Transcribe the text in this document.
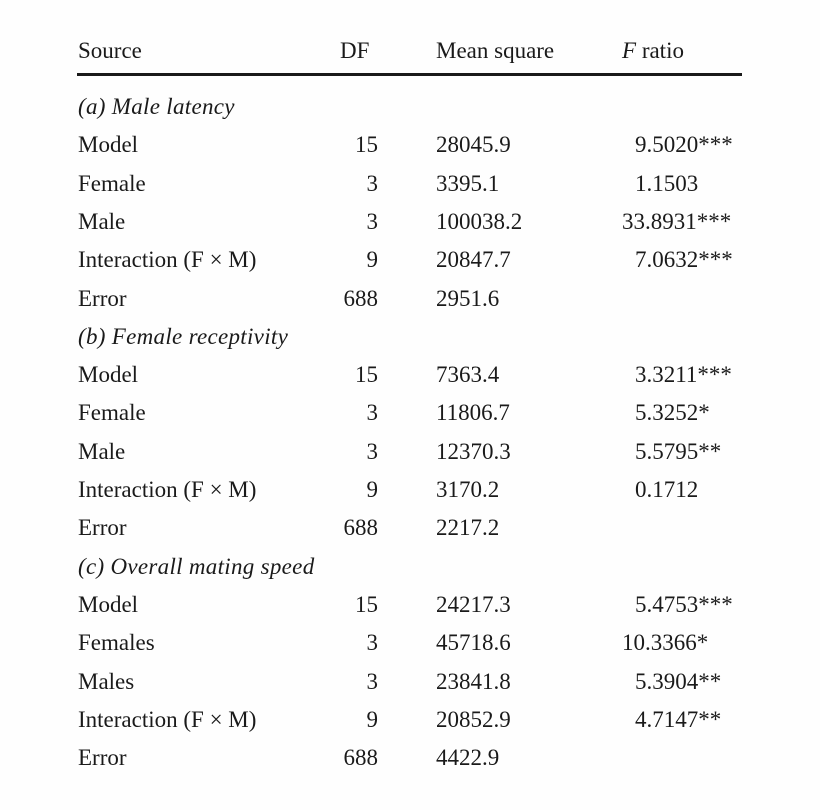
Source	DF	Mean square	F ratio
(a) Male latency
Model	15	28045.9	9.5020***
Female	3	3395.1	1.1503
Male	3	100038.2	33.8931***
Interaction (F × M)	9	20847.7	7.0632***
Error	688	2951.6
(b) Female receptivity
Model	15	7363.4	3.3211***
Female	3	11806.7	5.3252*
Male	3	12370.3	5.5795**
Interaction (F × M)	9	3170.2	0.1712
Error	688	2217.2
(c) Overall mating speed
Model	15	24217.3	5.4753***
Females	3	45718.6	10.3366*
Males	3	23841.8	5.3904**
Interaction (F × M)	9	20852.9	4.7147**
Error	688	4422.9
